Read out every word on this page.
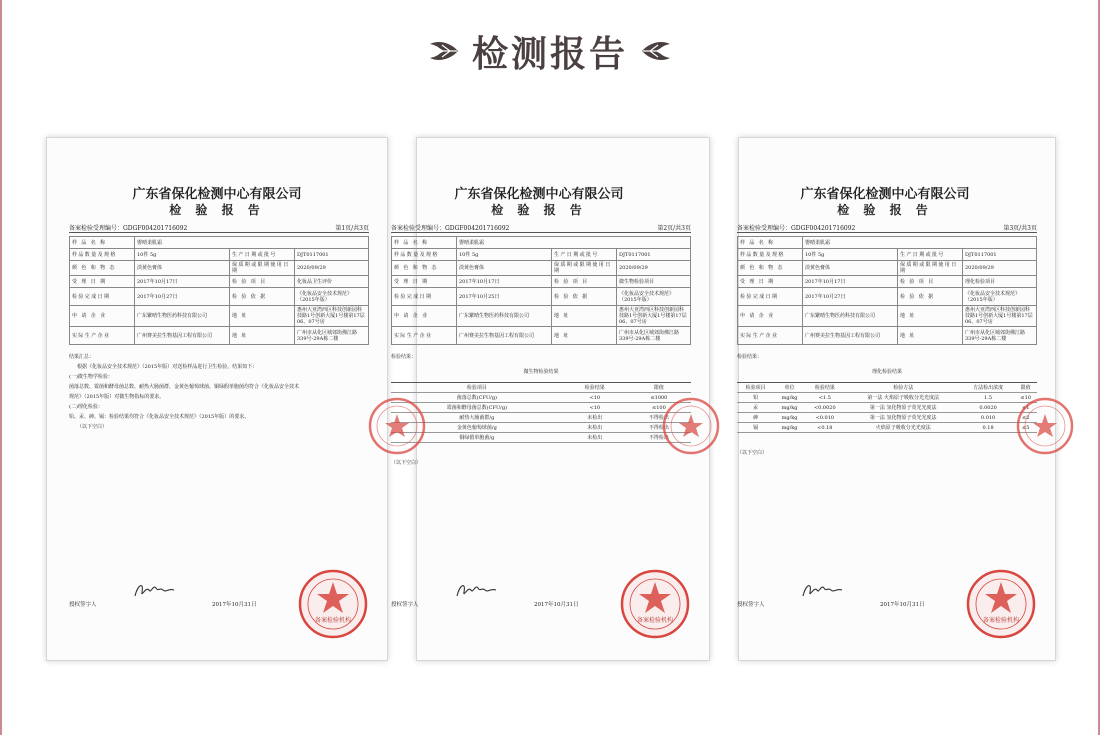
检测报告
广东省保化检测中心有限公司
检 验 报 告
备案检验受理编号：GDGF004201716092	第1页/共3页
样 品 名 称	婴晴柔肌霜		
样品数量及规格	10件 5g	生产日期或批号	DJT0117001
颜 色 和 物 态	淡黄色膏体	保质期或限期使用日期	2020/09/29
受 理 日 期	2017年10月17日	检 验 项 目	化妆品卫生评价
检验完成日期	2017年10月27日	检 验 依 据	《化妆品安全技术规范》（2015年版）
申 请 企 业	广东繁晴生物医药科技有限公司	地 址	惠州大亚湾西区科技创新园科技路1号创新大厦1号楼第17层06、07号房
实际生产企业	广州赛美拉生物基因工程有限公司	地 址	广州市从化区城郊街佛江路339号-29A栋二楼
结果汇总：
根据《化妆品安全技术规范》（2015年版）对送检样品进行卫生检验，结果如下：
(一)微生物学检验：
菌落总数、霉菌和酵母菌总数、耐热大肠菌群、金黄色葡萄球菌、铜绿假单胞菌均符合《化妆品安全技术
规范》（2015年版）对微生物指标的要求。
(二)理化检验：
铅、汞、砷、镉：检验结果均符合《化妆品安全技术规范》（2015年版）的要求。
（以下空白）
授权签字人	2017年10月31日
备案检验机构
广东省保化检测中心有限公司
检 验 报 告
备案检验受理编号：GDGF004201716092	第2页/共3页
样 品 名 称	婴晴柔肌霜		
样品数量及规格	10件 5g	生产日期或批号	DJT0117001
颜 色 和 物 态	淡黄色膏体	保质期或限期使用日期	2020/09/29
受 理 日 期	2017年10月17日	检 验 项 目	微生物检验项目
检验完成日期	2017年10月25日	检 验 依 据	《化妆品安全技术规范》（2015年版）
申 请 企 业	广东繁晴生物医药科技有限公司	地 址	惠州大亚湾西区科技创新园科技路1号创新大厦1号楼第17层06、07号房
实际生产企业	广州赛美拉生物基因工程有限公司	地 址	广州市从化区城郊街佛江路339号-29A栋二楼
检验结果：
微生物检验结果
检验项目	检验结果	限值
菌落总数(CFU/g)	<10	≤1000
霉菌和酵母菌总数(CFU/g)	<10	≤100
耐热大肠菌群/g	未检出	不得检出
金黄色葡萄球菌/g	未检出	不得检出
铜绿假单胞菌/g	未检出	不得检出
（以下空白）
授权签字人	2017年10月31日
备案检验机构
广东省保化检测中心有限公司
检 验 报 告
备案检验受理编号：GDGF004201716092	第3页/共3页
样 品 名 称	婴晴柔肌霜		
样品数量及规格	10件 5g	生产日期或批号	DJT0117001
颜 色 和 物 态	淡黄色膏体	保质期或限期使用日期	2020/09/29
受 理 日 期	2017年10月17日	检 验 项 目	理化检验项目
检验完成日期	2017年10月27日	检 验 依 据	《化妆品安全技术规范》（2015年版）
申 请 企 业	广东繁晴生物医药科技有限公司	地 址	惠州大亚湾西区科技创新园科技路1号创新大厦1号楼第17层06、07号房
实际生产企业	广州赛美拉生物基因工程有限公司	地 址	广州市从化区城郊街佛江路339号-29A栋二楼
检验结果：
理化检验结果
检验项目	单位	检验结果	检验方法	方法检出浓度	限值
铅	mg/kg	<1.5	第一法 火焰原子吸收分光光度法	1.5	≤10
汞	mg/kg	<0.0020	第一法 氢化物原子荧光光度法	0.0020	≤1
砷	mg/kg	<0.010	第一法 氢化物原子荧光光度法	0.010	≤2
镉	mg/kg	<0.18	火焰原子吸收分光光度法	0.18	≤5
（以下空白）
授权签字人	2017年10月31日
备案检验机构
